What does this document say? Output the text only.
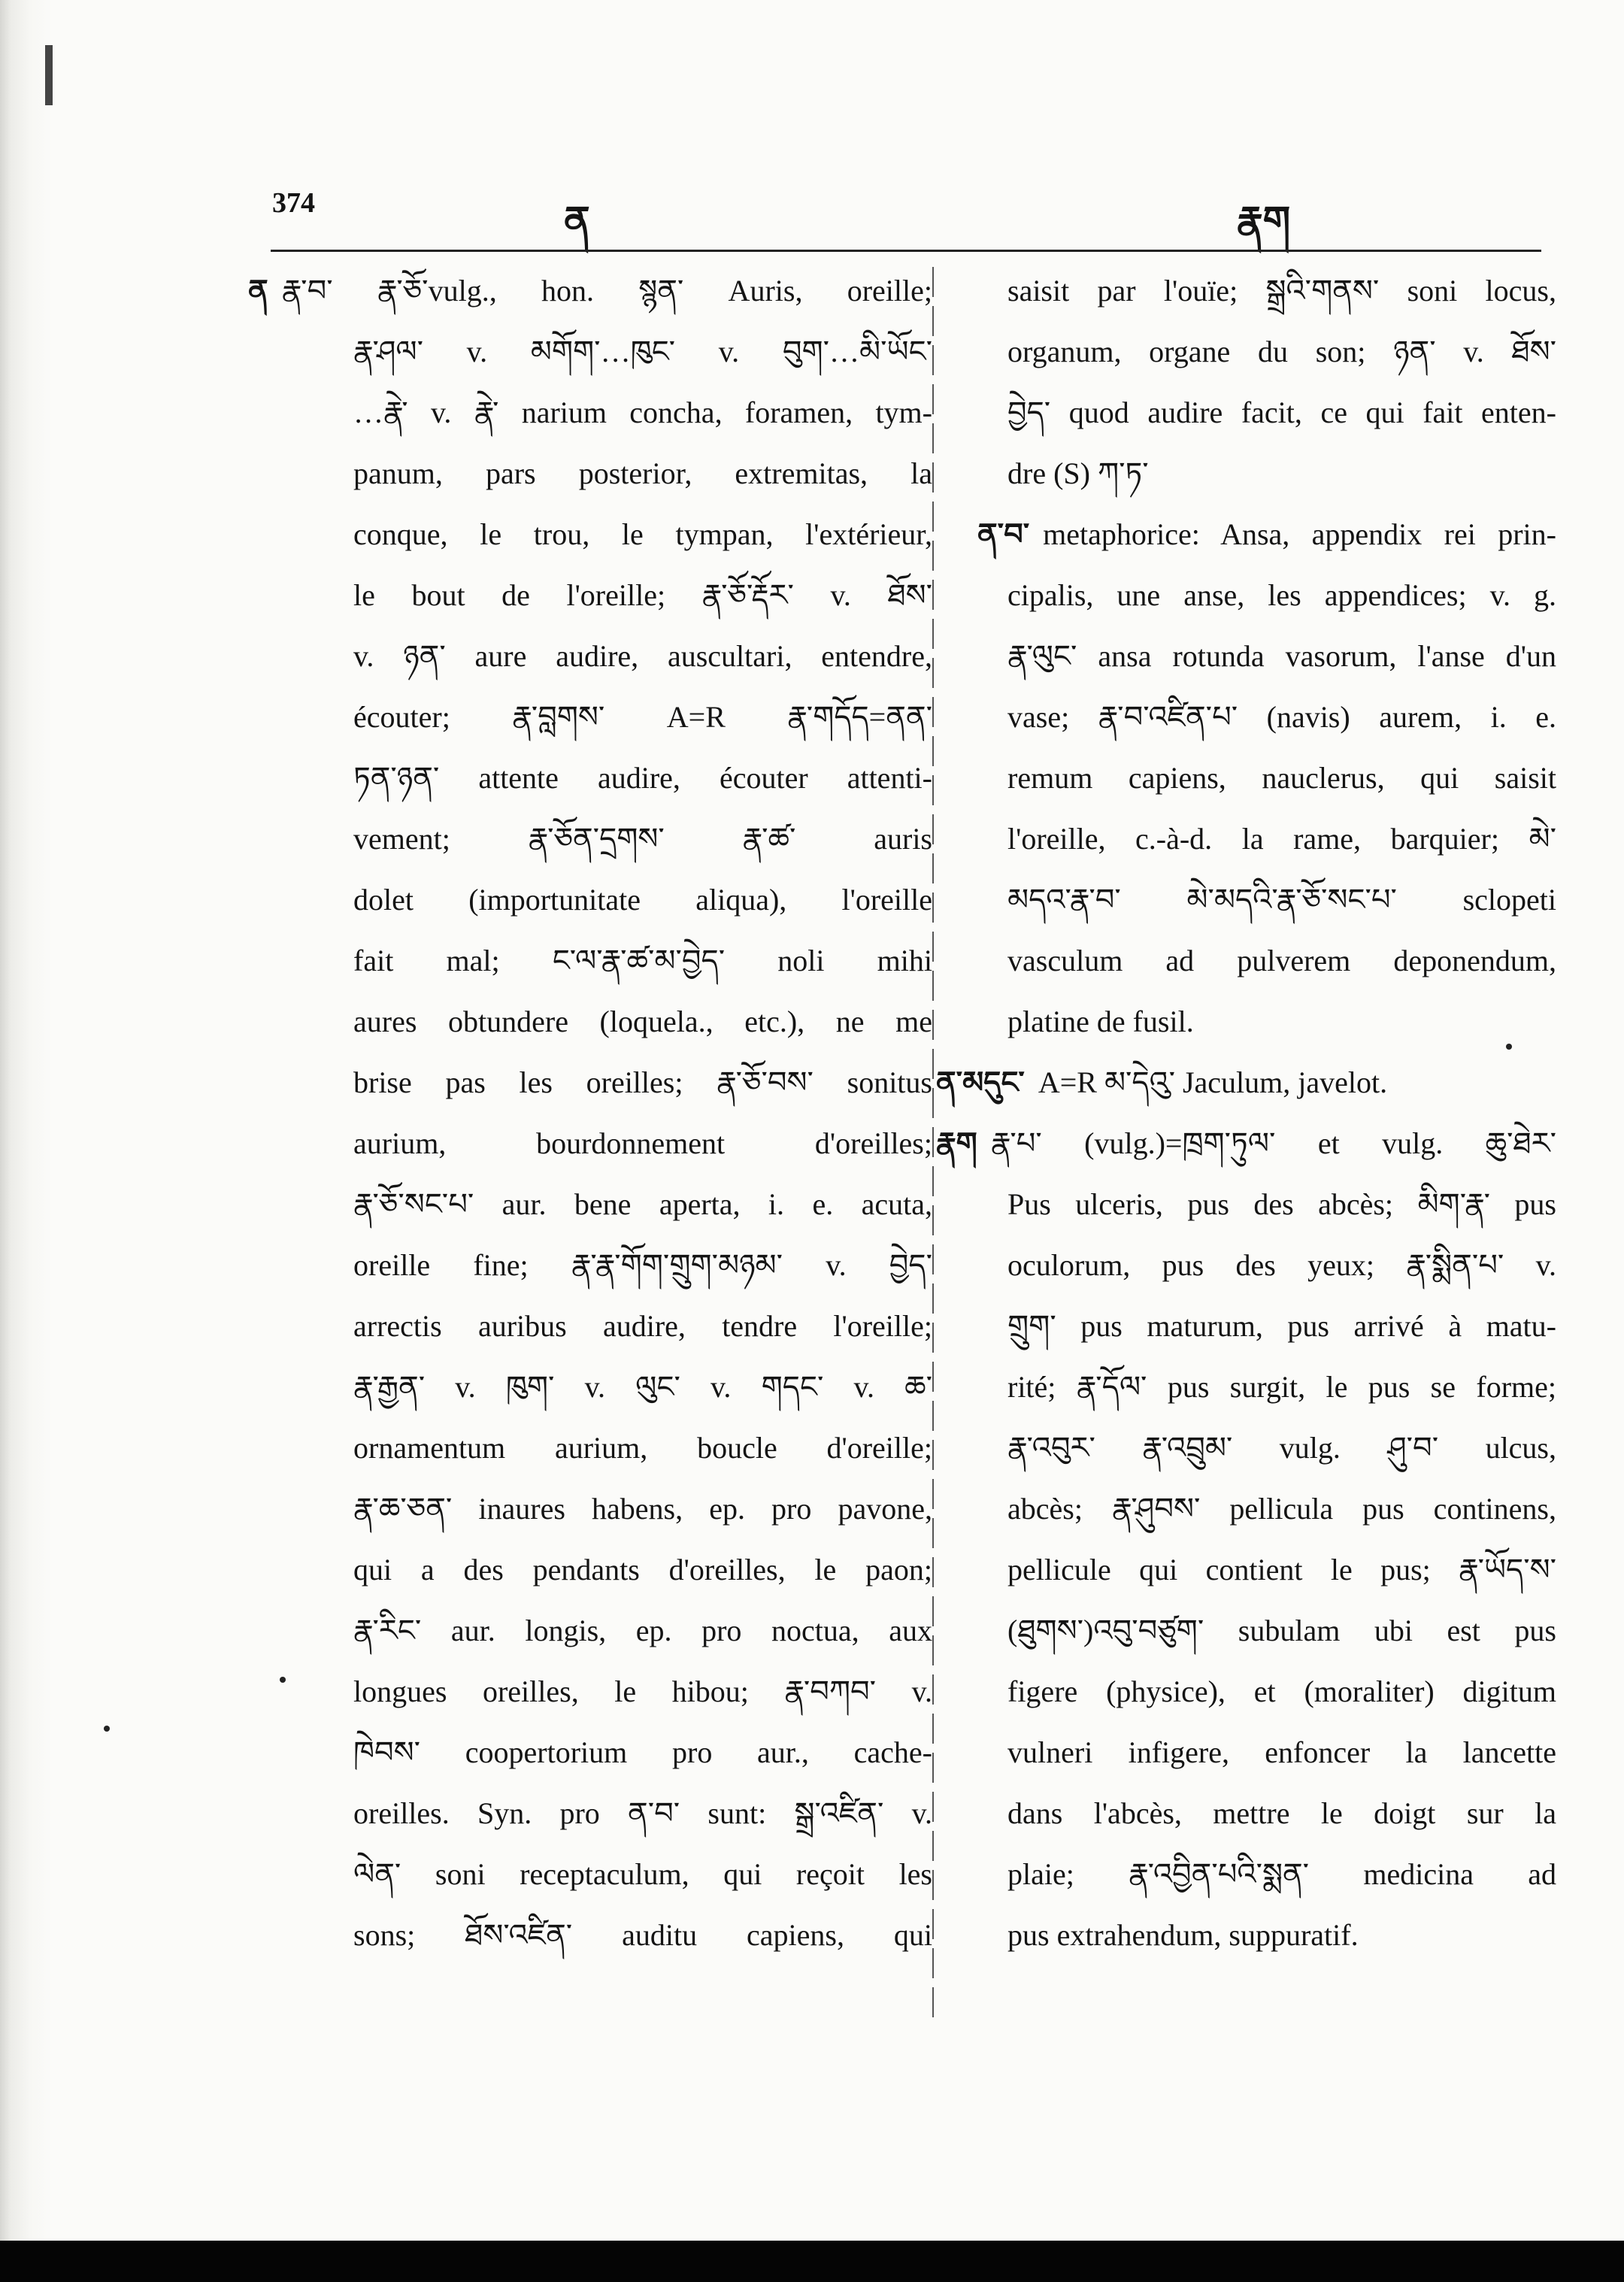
374	ན	རྣག
ན རྣ་བ་ རྣ་ཅོ་vulg., hon. སྙན་ Auris, oreille;
རྣ་ཤལ་ v. མགོག་…ཁུང་ v. བུག་…མི་ཡོང་
…རྣེ་ v. རྣེ་ narium concha, foramen, tym-
panum, pars posterior, extremitas, la
conque, le trou, le tympan, l'extérieur,
le bout de l'oreille; རྣ་ཅོ་རྡོར་ v. ཐོས་
v. ཉན་ aure audire, auscultari, entendre,
écouter; རྣ་བླགས་ A=R རྣ་གདོད=ནན་
ཏན་ཉན་ attente audire, écouter attenti-
vement; རྣ་ཅོན་དྲགས་ རྣ་ཚ་ auris
dolet (importunitate aliqua), l'oreille
fait mal; ང་ལ་རྣ་ཚ་མ་བྱེད་ noli mihi
aures obtundere (loquela., etc.), ne me
brise pas les oreilles; རྣ་ཅོ་བས་ sonitus
aurium, bourdonnement d'oreilles;
རྣ་ཅོ་སང་པ་ aur. bene aperta, i. e. acuta,
oreille fine; རྣ་རྣ་གོག་གྲུག་མཉམ་ v. བྱེད་
arrectis auribus audire, tendre l'oreille;
རྣ་རྒྱན་ v. ཁུག་ v. ལུང་ v. གདང་ v. ཆ་
ornamentum aurium, boucle d'oreille;
རྣ་ཆ་ཅན་ inaures habens, ep. pro pavone,
qui a des pendants d'oreilles, le paon;
རྣ་རིང་ aur. longis, ep. pro noctua, aux
longues oreilles, le hibou; རྣ་བཀབ་ v.
ཁེབས་ coopertorium pro aur., cache-
oreilles. Syn. pro ན་བ་ sunt: སྒྲ་འཛིན་ v.
ལེན་ soni receptaculum, qui reçoit les
sons; ཐོས་འཛིན་ auditu capiens, qui
saisit par l'ouïe; སྒྲའི་གནས་ soni locus,
organum, organe du son; ཉན་ v. ཐོས་
བྱེད་ quod audire facit, ce qui fait enten-
dre (S) ཀ་ཏ་
ན་བ་ metaphorice: Ansa, appendix rei prin-
cipalis, une anse, les appendices; v. g.
རྣ་ལུང་ ansa rotunda vasorum, l'anse d'un
vase; རྣ་བ་འཛིན་པ་ (navis) aurem, i. e.
remum capiens, nauclerus, qui saisit
l'oreille, c.-à-d. la rame, barquier; མེ་
མདའ་རྣ་བ་ མེ་མདའི་རྣ་ཅོ་སང་པ་ sclopeti
vasculum ad pulverem deponendum,
platine de fusil.
ན་མདུང་ A=R མ་དེའུ་ Jaculum, javelot.
རྣག རྣ་པ་ (vulg.)=ཁྲག་ཏུལ་ et vulg. ཆུ་ཐེར་
Pus ulceris, pus des abcès; མིག་རྣ་ pus
oculorum, pus des yeux; རྣ་སྨིན་པ་ v.
གྲུག་ pus maturum, pus arrivé à matu-
rité; རྣ་དོལ་ pus surgit, le pus se forme;
རྣ་འབུར་ རྣ་འབྲུམ་ vulg. ཤུ་བ་ ulcus,
abcès; རྣ་ཤུབས་ pellicula pus continens,
pellicule qui contient le pus; རྣ་ཡོད་ས་
(ཐུགས་)འབུ་བཙུག་ subulam ubi est pus
figere (physice), et (moraliter) digitum
vulneri infigere, enfoncer la lancette
dans l'abcès, mettre le doigt sur la
plaie; རྣ་འབྱིན་པའི་སྨན་ medicina ad
pus extrahendum, suppuratif.
